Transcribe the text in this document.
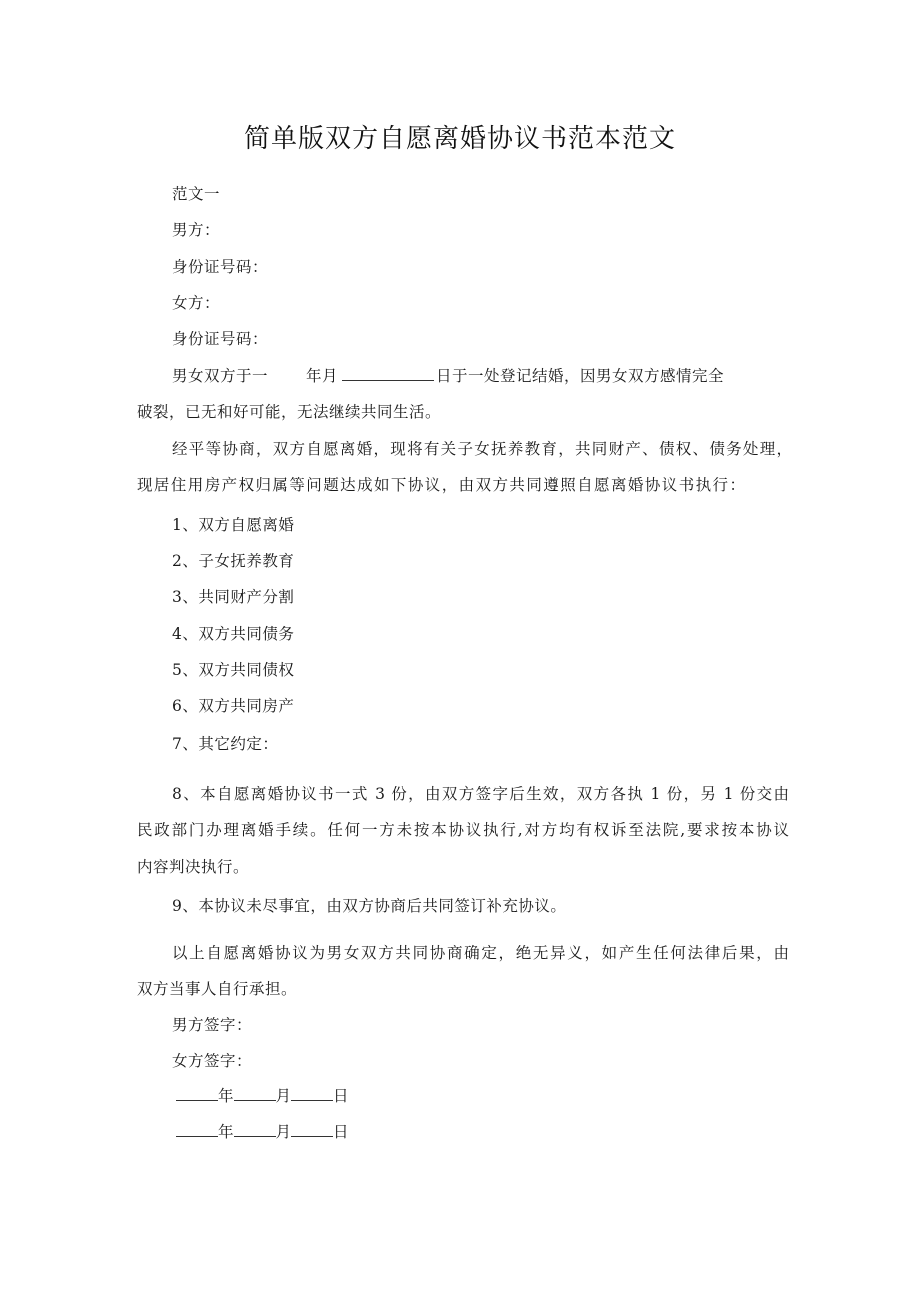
简单版双方自愿离婚协议书范本范文
范文一
男方：
身份证号码：
女方：
身份证号码：
男女双方于一 年月	日于一处登记结婚，因男女双方感情完全
破裂，已无和好可能，无法继续共同生活。
经平等协商，双方自愿离婚，现将有关子女抚养教育，共同财产、债权、债务处理，
现居住用房产权归属等问题达成如下协议，由双方共同遵照自愿离婚协议书执行：
1、双方自愿离婚
2、子女抚养教育
3、共同财产分割
4、双方共同债务
5、双方共同债权
6、双方共同房产
7、其它约定：
8、本自愿离婚协议书一式 3 份，由双方签字后生效，双方各执 1 份，另 1 份交由
民政部门办理离婚手续。任何一方未按本协议执行,对方均有权诉至法院,要求按本协议
内容判决执行。
9、本协议未尽事宜，由双方协商后共同签订补充协议。
以上自愿离婚协议为男女双方共同协商确定，绝无异义，如产生任何法律后果，由
双方当事人自行承担。
男方签字：
女方签字：
年	月	日
年	月	日
